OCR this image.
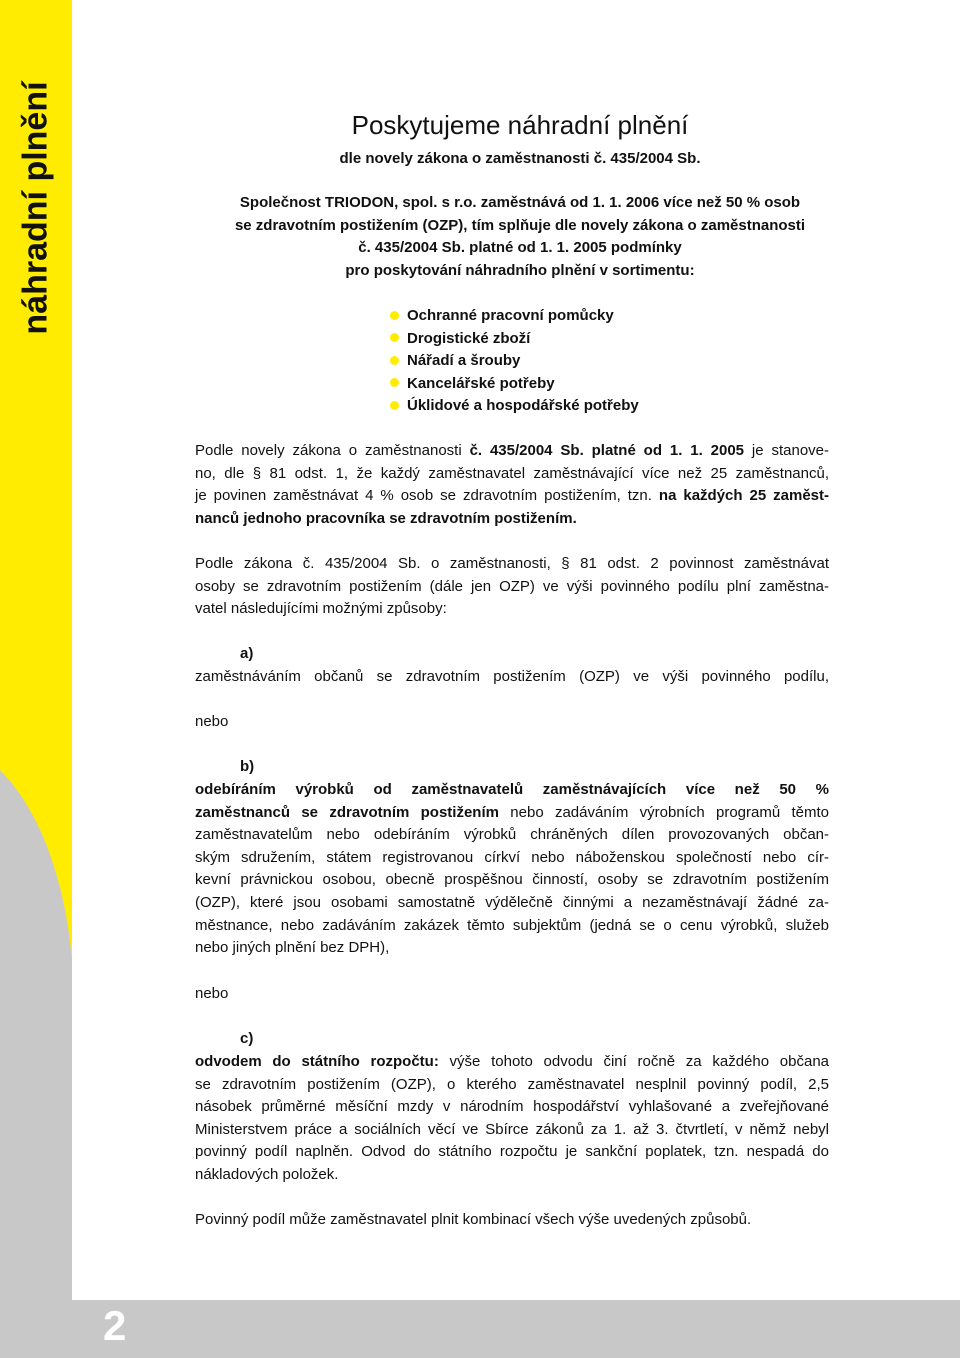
náhradní plnění
2
Poskytujeme náhradní plnění
dle novely zákona o zaměstnanosti č. 435/2004 Sb.
Společnost TRIODON, spol. s r.o. zaměstnává od 1. 1. 2006 více než 50 % osob
se zdravotním postižením (OZP), tím splňuje dle novely zákona o zaměstnanosti
č. 435/2004 Sb. platné od 1. 1. 2005 podmínky
pro poskytování náhradního plnění v sortimentu:
Ochranné pracovní pomůcky
Drogistické zboží
Nářadí a šrouby
Kancelářské potřeby
Úklidové a hospodářské potřeby
Podle novely zákona o zaměstnanosti č. 435/2004 Sb. platné od 1. 1. 2005 je stanove-
no, dle § 81 odst. 1, že každý zaměstnavatel zaměstnávající více než 25 zaměstnanců,
je povinen zaměstnávat 4 % osob se zdravotním postižením, tzn. na každých 25 zaměst-
nanců jednoho pracovníka se zdravotním postižením.
Podle zákona č. 435/2004 Sb. o zaměstnanosti, § 81 odst. 2 povinnost zaměstnávat
osoby se zdravotním postižením (dále jen OZP) ve výši povinného podílu plní zaměstna-
vatel následujícími možnými způsoby:
a)
zaměstnáváním občanů se zdravotním postižením (OZP) ve výši povinného podílu,
nebo
b)
odebíráním výrobků od zaměstnavatelů zaměstnávajících více než 50 %
zaměstnanců se zdravotním postižením nebo zadáváním výrobních programů těmto
zaměstnavatelům nebo odebíráním výrobků chráněných dílen provozovaných občan-
ským sdružením, státem registrovanou církví nebo náboženskou společností nebo cír-
kevní právnickou osobou, obecně prospěšnou činností, osoby se zdravotním postižením
(OZP), které jsou osobami samostatně výdělečně činnými a nezaměstnávají žádné za-
městnance, nebo zadáváním zakázek těmto subjektům (jedná se o cenu výrobků, služeb
nebo jiných plnění bez DPH),
nebo
c)
odvodem do státního rozpočtu: výše tohoto odvodu činí ročně za každého občana
se zdravotním postižením (OZP), o kterého zaměstnavatel nesplnil povinný podíl, 2,5
násobek průměrné měsíční mzdy v národním hospodářství vyhlašované a zveřejňované
Ministerstvem práce a sociálních věcí ve Sbírce zákonů za 1. až 3. čtvrtletí, v němž nebyl
povinný podíl naplněn. Odvod do státního rozpočtu je sankční poplatek, tzn. nespadá do
nákladových položek.
Povinný podíl může zaměstnavatel plnit kombinací všech výše uvedených způsobů.
